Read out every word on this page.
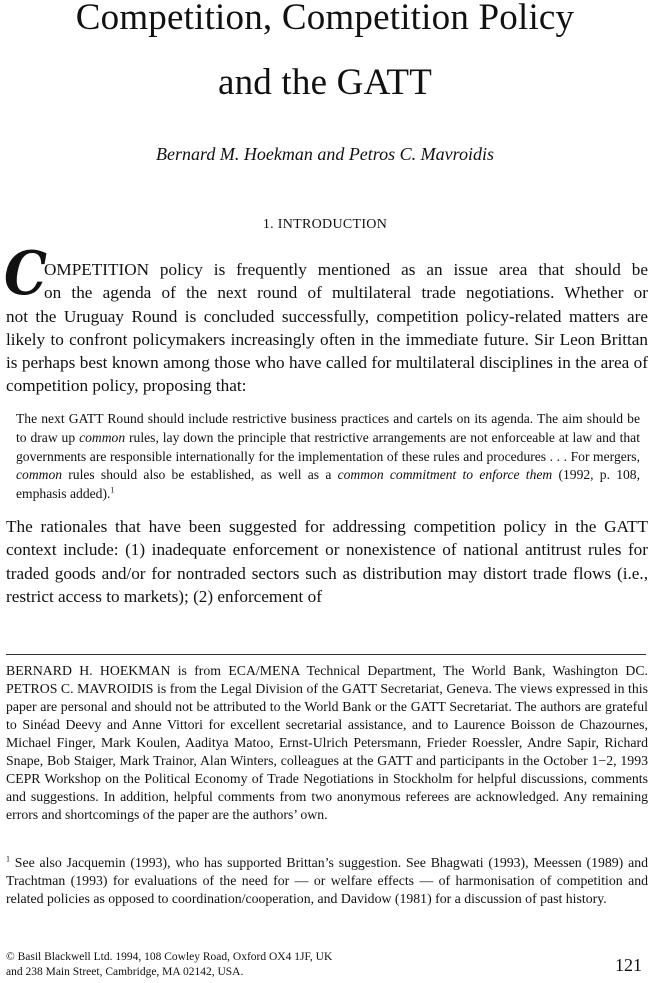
Competition, Competition Policy
and the GATT
Bernard M. Hoekman and Petros C. Mavroidis
1. INTRODUCTION
C
OMPETITION policy is frequently mentioned as an issue area that should be
on the agenda of the next round of multilateral trade negotiations. Whether or
not the Uruguay Round is concluded successfully, competition policy-related matters are likely to confront policymakers increasingly often in the immediate future. Sir Leon Brittan is perhaps best known among those who have called for multilateral disciplines in the area of competition policy, proposing that:
The next GATT Round should include restrictive business practices and cartels on its agenda. The aim should be to draw up common rules, lay down the principle that restrictive arrangements are not enforceable at law and that governments are responsible internationally for the implementation of these rules and procedures . . . For mergers, common rules should also be established, as well as a common commitment to enforce them (1992, p. 108, emphasis added).$^1$
The rationales that have been suggested for addressing competition policy in the GATT context include: (1) inadequate enforcement or nonexistence of national antitrust rules for traded goods and/or for nontraded sectors such as distribution may distort trade flows (i.e., restrict access to markets); (2) enforcement of
BERNARD H. HOEKMAN is from ECA/MENA Technical Department, The World Bank, Washington DC. PETROS C. MAVROIDIS is from the Legal Division of the GATT Secretariat, Geneva. The views expressed in this paper are personal and should not be attributed to the World Bank or the GATT Secretariat. The authors are grateful to Sinéad Deevy and Anne Vittori for excellent secretarial assistance, and to Laurence Boisson de Chazournes, Michael Finger, Mark Koulen, Aaditya Matoo, Ernst-Ulrich Petersmann, Frieder Roessler, Andre Sapir, Richard Snape, Bob Staiger, Mark Trainor, Alan Winters, colleagues at the GATT and participants in the October 1−2, 1993 CEPR Workshop on the Political Economy of Trade Negotiations in Stockholm for helpful discussions, comments and suggestions. In addition, helpful comments from two anonymous referees are acknowledged. Any remaining errors and shortcomings of the paper are the authors’ own.
$^1$ See also Jacquemin (1993), who has supported Brittan’s suggestion. See Bhagwati (1993), Meessen (1989) and Trachtman (1993) for evaluations of the need for — or welfare effects — of harmonisation of competition and related policies as opposed to coordination/cooperation, and Davidow (1981) for a discussion of past history.
© Basil Blackwell Ltd. 1994, 108 Cowley Road, Oxford OX4 1JF, UK
and 238 Main Street, Cambridge, MA 02142, USA.	121
